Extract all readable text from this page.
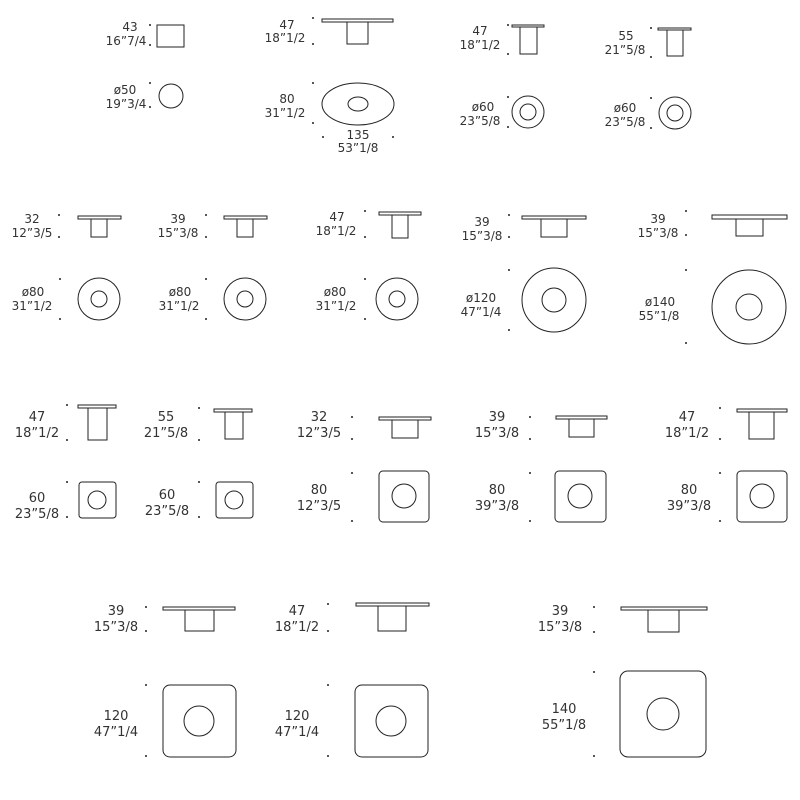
43
16”7/4
ø50
19”3/4
47
18”1/2
80
31”1/2
135
53”1/8
47
18”1/2
ø60
23”5/8
55
21”5/8
ø60
23”5/8
32
12”3/5
ø80
31”1/2
39
15”3/8
ø80
31”1/2
47
18”1/2
ø80
31”1/2
39
15”3/8
ø120
47”1/4
39
15”3/8
ø140
55”1/8
47
18”1/2
60
23”5/8
55
21”5/8
60
23”5/8
32
12”3/5
80
12”3/5
39
15”3/8
80
39”3/8
47
18”1/2
80
39”3/8
39
15”3/8
120
47”1/4
47
18”1/2
120
47”1/4
39
15”3/8
140
55”1/8
